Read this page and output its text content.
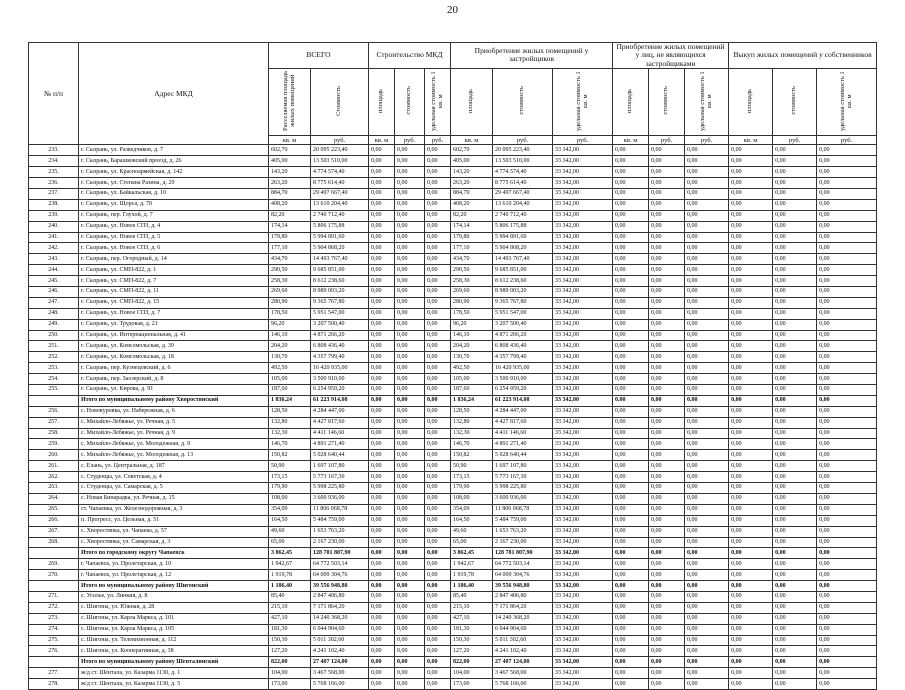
20
№ п/п	Адрес МКД	ВСЕГО		Строительство МКД			Приобретение жилых помещений у застройщиков			Приобретение жилых помещений у лиц, не являющихся застройщиками			Выкуп жилых помещений у собственников		
		Расселяемая площадь жилых помещений	Стоимость	площадь	стоимость	удельная стоимость 1 кв. м	площадь	стоимость	удельная стоимость 1 кв. м	площадь	стоимость	удельная стоимость 1 кв. м	площадь	стоимость	удельная стоимость 1 кв. м
		кв. м	руб.	кв. м	руб.	руб.	кв. м	руб.	руб.	кв. м	руб.	руб.	кв. м	руб.	руб.
233.	г. Сызрань, ул. Разведчиков, д. 7	602,70	20 095 223,40	0,00	0,00	0,00	602,70	20 095 223,40	33 342,00	0,00	0,00	0,00	0,00	0,00	0,00
234.	г. Сызрань, Барашковский проезд, д. 26	405,00	13 503 510,00	0,00	0,00	0,00	405,00	13 503 510,00	33 342,00	0,00	0,00	0,00	0,00	0,00	0,00
235.	г. Сызрань, ул. Красноармейская, д. 142	143,20	4 774 574,40	0,00	0,00	0,00	143,20	4 774 574,40	33 342,00	0,00	0,00	0,00	0,00	0,00	0,00
236.	г. Сызрань, ул. Степана Разина, д. 29	263,20	8 775 614,40	0,00	0,00	0,00	263,20	8 775 614,40	33 342,00	0,00	0,00	0,00	0,00	0,00	0,00
237.	г. Сызрань, ул. Байкальская, д. 10	884,70	29 497 667,40	0,00	0,00	0,00	884,70	29 497 667,40	33 342,00	0,00	0,00	0,00	0,00	0,00	0,00
238.	г. Сызрань, ул. Щорса, д. 70	408,20	13 610 204,40	0,00	0,00	0,00	408,20	13 610 204,40	33 342,00	0,00	0,00	0,00	0,00	0,00	0,00
239.	г. Сызрань, пер. Глухой, д. 7	82,20	2 740 712,40	0,00	0,00	0,00	82,20	2 740 712,40	33 342,00	0,00	0,00	0,00	0,00	0,00	0,00
240.	г. Сызрань, ул. Новое СПЗ, д. 4	174,14	5 806 175,88	0,00	0,00	0,00	174,14	5 806 175,88	33 342,00	0,00	0,00	0,00	0,00	0,00	0,00
241.	г. Сызрань, ул. Новое СПЗ, д. 5	179,80	5 994 891,60	0,00	0,00	0,00	179,80	5 994 891,60	33 342,00	0,00	0,00	0,00	0,00	0,00	0,00
242.	г. Сызрань, ул. Новое СПЗ, д. 6	177,10	5 904 868,20	0,00	0,00	0,00	177,10	5 904 868,20	33 342,00	0,00	0,00	0,00	0,00	0,00	0,00
243.	г. Сызрань, пер. Огородный, д. 14	434,70	14 493 767,40	0,00	0,00	0,00	434,70	14 493 767,40	33 342,00	0,00	0,00	0,00	0,00	0,00	0,00
244.	г. Сызрань, ул. СМП-822, д. 1	290,50	9 685 851,00	0,00	0,00	0,00	290,50	9 685 851,00	33 342,00	0,00	0,00	0,00	0,00	0,00	0,00
245.	г. Сызрань, ул. СМП-822, д. 7	258,30	8 612 238,60	0,00	0,00	0,00	258,30	8 612 238,60	33 342,00	0,00	0,00	0,00	0,00	0,00	0,00
246.	г. Сызрань, ул. СМП-822, д. 11	269,60	8 989 003,20	0,00	0,00	0,00	269,60	8 989 003,20	33 342,00	0,00	0,00	0,00	0,00	0,00	0,00
247.	г. Сызрань, ул. СМП-822, д. 15	280,90	9 365 767,80	0,00	0,00	0,00	280,90	9 365 767,80	33 342,00	0,00	0,00	0,00	0,00	0,00	0,00
248.	г. Сызрань, ул. Новое СПЗ, д. 7	178,50	5 951 547,00	0,00	0,00	0,00	178,50	5 951 547,00	33 342,00	0,00	0,00	0,00	0,00	0,00	0,00
249.	г. Сызрань, ул. Трудовая, д. 21	96,20	3 207 500,40	0,00	0,00	0,00	96,20	3 207 500,40	33 342,00	0,00	0,00	0,00	0,00	0,00	0,00
250.	г. Сызрань, ул. Интернациональная, д. 41	146,10	4 871 266,20	0,00	0,00	0,00	146,10	4 871 266,20	33 342,00	0,00	0,00	0,00	0,00	0,00	0,00
251.	г. Сызрань, ул. Комсомольская, д. 39	204,20	6 808 436,40	0,00	0,00	0,00	204,20	6 808 436,40	33 342,00	0,00	0,00	0,00	0,00	0,00	0,00
252.	г. Сызрань, ул. Комсомольская, д. 18	130,70	4 357 799,40	0,00	0,00	0,00	130,70	4 357 799,40	33 342,00	0,00	0,00	0,00	0,00	0,00	0,00
253.	г. Сызрань, пер. Кузнецовский, д. 6	492,50	16 420 935,00	0,00	0,00	0,00	492,50	16 420 935,00	33 342,00	0,00	0,00	0,00	0,00	0,00	0,00
254.	г. Сызрань, пер. Заозерский, д. 8	105,00	3 500 910,00	0,00	0,00	0,00	105,00	3 500 910,00	33 342,00	0,00	0,00	0,00	0,00	0,00	0,00
255.	г. Сызрань, ул. Кирова, д. 91	187,60	6 254 959,20	0,00	0,00	0,00	187,60	6 254 959,20	33 342,00	0,00	0,00	0,00	0,00	0,00	0,00
	Итого по муниципальному району Хворостянский	1 836,24	61 223 914,08	0,00	0,00	0,00	1 836,24	61 223 914,08	33 342,00	0,00	0,00	0,00	0,00	0,00	0,00
256.	с. Новокуровка, ул. Набережная, д. 6	128,50	4 284 447,00	0,00	0,00	0,00	128,50	4 284 447,00	33 342,00	0,00	0,00	0,00	0,00	0,00	0,00
257.	с. Михайло-Лебяжье, ул. Речная, д. 5	132,80	4 427 817,60	0,00	0,00	0,00	132,80	4 427 817,60	33 342,00	0,00	0,00	0,00	0,00	0,00	0,00
258.	с. Михайло-Лебяжье, ул. Речная, д. 9	132,30	4 411 146,60	0,00	0,00	0,00	132,30	4 411 146,60	33 342,00	0,00	0,00	0,00	0,00	0,00	0,00
259.	с. Михайло-Лебяжье, ул. Молодежная, д. 9	146,70	4 891 271,40	0,00	0,00	0,00	146,70	4 891 271,40	33 342,00	0,00	0,00	0,00	0,00	0,00	0,00
260.	с. Михайло-Лебяжье, ул. Молодежная, д. 13	150,82	5 028 640,44	0,00	0,00	0,00	150,82	5 028 640,44	33 342,00	0,00	0,00	0,00	0,00	0,00	0,00
261.	с. Елань, ул. Центральная, д. 187	50,90	1 697 107,80	0,00	0,00	0,00	50,90	1 697 107,80	33 342,00	0,00	0,00	0,00	0,00	0,00	0,00
262.	с. Студенцы, ул. Советская, д. 4	173,15	5 773 167,30	0,00	0,00	0,00	173,15	5 773 167,30	33 342,00	0,00	0,00	0,00	0,00	0,00	0,00
263.	с. Студенцы, ул. Самарская, д. 5	179,90	5 998 225,80	0,00	0,00	0,00	179,90	5 998 225,80	33 342,00	0,00	0,00	0,00	0,00	0,00	0,00
264.	с. Новая Бинарадка, ул. Речная, д. 15	108,00	3 600 936,00	0,00	0,00	0,00	108,00	3 600 936,00	33 342,00	0,00	0,00	0,00	0,00	0,00	0,00
265.	ст. Чапаевка, ул. Железнодорожная, д. 3	354,09	11 806 068,78	0,00	0,00	0,00	354,09	11 806 068,78	33 342,00	0,00	0,00	0,00	0,00	0,00	0,00
266.	п. Прогресс, ул. Цельная, д. 51	164,50	5 484 759,00	0,00	0,00	0,00	164,50	5 484 759,00	33 342,00	0,00	0,00	0,00	0,00	0,00	0,00
267.	с. Хворостянка, ул. Чапаева, д. 57	49,60	1 653 763,20	0,00	0,00	0,00	49,60	1 653 763,20	33 342,00	0,00	0,00	0,00	0,00	0,00	0,00
268.	с. Хворостянка, ул. Самарская, д. 3	65,00	2 167 230,00	0,00	0,00	0,00	65,00	2 167 230,00	33 342,00	0,00	0,00	0,00	0,00	0,00	0,00
	Итого по городскому округу Чапаевск	3 862,45	128 781 807,90	0,00	0,00	0,00	3 862,45	128 781 807,90	33 342,00	0,00	0,00	0,00	0,00	0,00	0,00
269.	г. Чапаевск, ул. Пролетарская, д. 10	1 942,67	64 772 503,14	0,00	0,00	0,00	1 942,67	64 772 503,14	33 342,00	0,00	0,00	0,00	0,00	0,00	0,00
270.	г. Чапаевск, ул. Пролетарская, д. 12	1 919,78	64 009 304,76	0,00	0,00	0,00	1 919,78	64 009 304,76	33 342,00	0,00	0,00	0,00	0,00	0,00	0,00
	Итого по муниципальному району Шигонский	1 186,40	39 556 948,80	0,00	0,00	0,00	1 186,40	39 556 948,80	33 342,00	0,00	0,00	0,00	0,00	0,00	0,00
271.	с. Усолье, ул. Линкия, д. 8	85,40	2 847 406,80	0,00	0,00	0,00	85,40	2 847 406,80	33 342,00	0,00	0,00	0,00	0,00	0,00	0,00
272.	с. Шигоны, ул. Южная, д. 28	215,10	7 171 864,20	0,00	0,00	0,00	215,10	7 171 864,20	33 342,00	0,00	0,00	0,00	0,00	0,00	0,00
273.	с. Шигоны, ул. Карла Маркса, д. 101	427,10	14 240 368,20	0,00	0,00	0,00	427,10	14 240 368,20	33 342,00	0,00	0,00	0,00	0,00	0,00	0,00
274.	с. Шигоны, ул. Карла Маркса, д. 105	181,30	6 044 904,60	0,00	0,00	0,00	181,30	6 044 904,60	33 342,00	0,00	0,00	0,00	0,00	0,00	0,00
275.	с. Шигоны, ул. Телевизионная, д. 112	150,30	5 011 302,60	0,00	0,00	0,00	150,30	5 011 302,60	33 342,00	0,00	0,00	0,00	0,00	0,00	0,00
276.	с. Шигоны, ул. Кооперативная, д. 38	127,20	4 241 102,40	0,00	0,00	0,00	127,20	4 241 102,40	33 342,00	0,00	0,00	0,00	0,00	0,00	0,00
	Итого по муниципальному району Шенталинский	822,00	27 407 124,00	0,00	0,00	0,00	822,00	27 407 124,00	33 342,00	0,00	0,00	0,00	0,00	0,00	0,00
277.	ж/д ст. Шентала, ул. Казарма 1130, д. 1	104,00	3 467 568,00	0,00	0,00	0,00	104,00	3 467 568,00	33 342,00	0,00	0,00	0,00	0,00	0,00	0,00
278.	ж/д ст. Шентала, ул. Казарма 1130, д. 5	173,00	5 768 166,00	0,00	0,00	0,00	173,00	5 768 166,00	33 342,00	0,00	0,00	0,00	0,00	0,00	0,00
